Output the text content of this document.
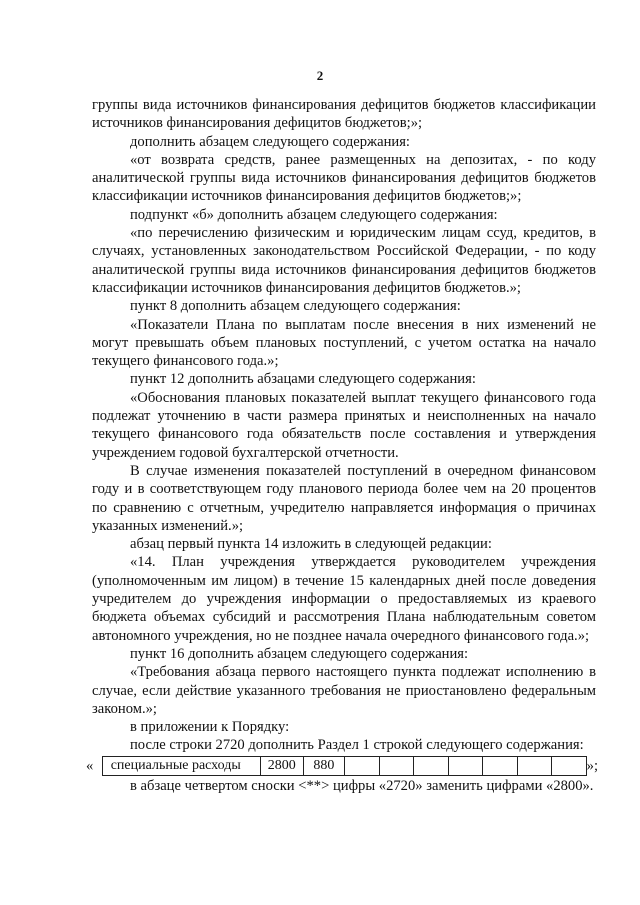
2

группы вида источников финансирования дефицитов бюджетов классификации источников финансирования дефицитов бюджетов;»;

дополнить абзацем следующего содержания:

«от возврата средств, ранее размещенных на депозитах, - по коду аналитической группы вида источников финансирования дефицитов бюджетов классификации источников финансирования дефицитов бюджетов;»;

подпункт «б» дополнить абзацем следующего содержания:

«по перечислению физическим и юридическим лицам ссуд, кредитов, в случаях, установленных законодательством Российской Федерации, - по коду аналитической группы вида источников финансирования дефицитов бюджетов классификации источников финансирования дефицитов бюджетов.»;

пункт 8 дополнить абзацем следующего содержания:

«Показатели Плана по выплатам после внесения в них изменений не могут превышать объем плановых поступлений, с учетом остатка на начало текущего финансового года.»;

пункт 12 дополнить абзацами следующего содержания:

«Обоснования плановых показателей выплат текущего финансового года подлежат уточнению в части размера принятых и неисполненных на начало текущего финансового года обязательств после составления и утверждения учреждением годовой бухгалтерской отчетности.

В случае изменения показателей поступлений в очередном финансовом году и в соответствующем году планового периода более чем на 20 процентов по сравнению с отчетным, учредителю направляется информация о причинах указанных изменений.»;

абзац первый пункта 14 изложить в следующей редакции:

«14. План учреждения утверждается руководителем учреждения (уполномоченным им лицом) в течение 15 календарных дней после доведения учредителем до учреждения информации о предоставляемых из краевого бюджета объемах субсидий и рассмотрения Плана наблюдательным советом автономного учреждения, но не позднее начала очередного финансового года.»;

пункт 16 дополнить абзацем следующего содержания:

«Требования абзаца первого настоящего пункта подлежат исполнению в случае, если действие указанного требования не приостановлено федеральным законом.»;

в приложении к Порядку:

после строки 2720 дополнить Раздел 1 строкой следующего содержания:

«	специальные расходы	2800	880								»;

в абзаце четвертом сноски <**> цифры «2720» заменить цифрами «2800».
